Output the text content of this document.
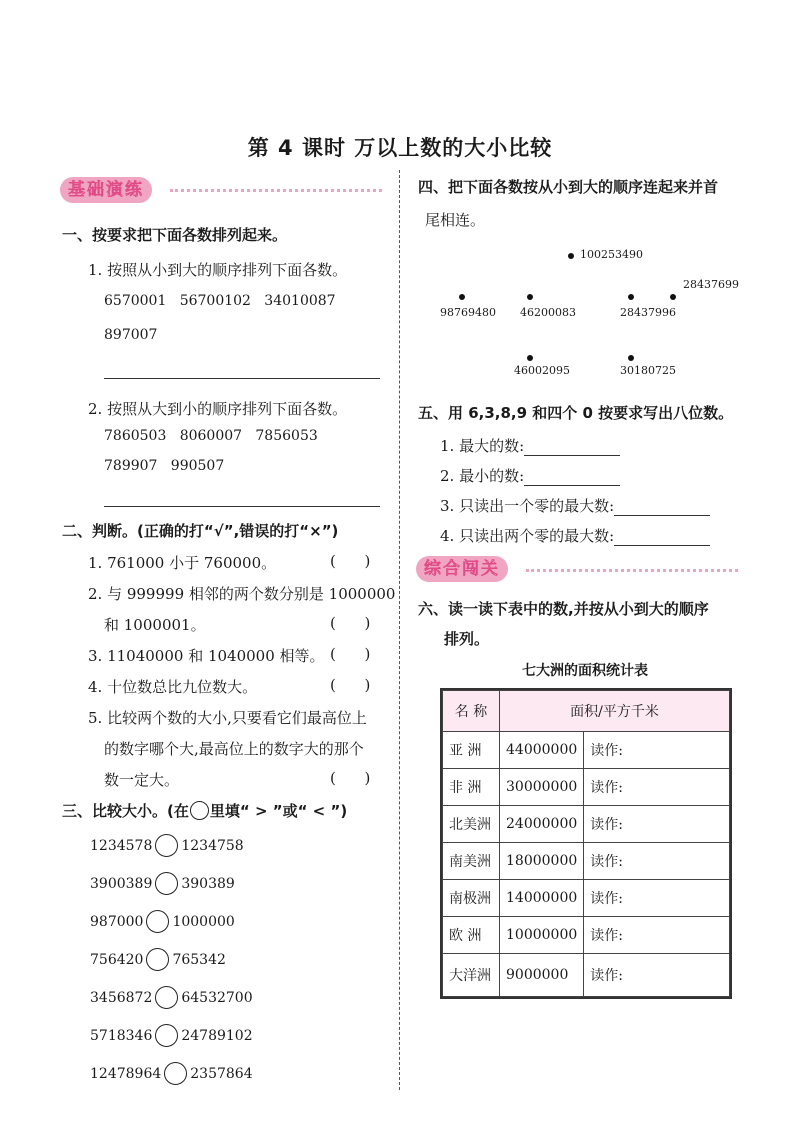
第 4 课时 万以上数的大小比较
基础演练
一、按要求把下面各数排列起来。
1. 按照从小到大的顺序排列下面各数。
6570001   56700102   34010087
897007
2. 按照从大到小的顺序排列下面各数。
7860503   8060007   7856053
789907   990507
二、判断。(正确的打“√”,错误的打“×”)
1. 761000 小于 760000。	(      )
2. 与 999999 相邻的两个数分别是 1000000
和 1000001。	(      )
3. 11040000 和 1040000 相等。 (      )
4. 十位数总比九位数大。	(      )
5. 比较两个数的大小,只要看它们最高位上
的数字哪个大,最高位上的数字大的那个
数一定大。	(      )
三、比较大小。(在 里填“ > ”或“ < ”)
1234578 1234758
3900389 390389
987000 1000000
756420 765342
3456872 64532700
5718346 24789102
12478964 2357864
四、把下面各数按从小到大的顺序连起来并首
尾相连。
100253490
28437699
98769480 46200083	28437996
46002095	30180725
五、用 6,3,8,9 和四个 0 按要求写出八位数。
1. 最大的数:
2. 最小的数:
3. 只读出一个零的最大数:
4. 只读出两个零的最大数:
综合闯关
六、读一读下表中的数,并按从小到大的顺序
排列。
七大洲的面积统计表
名 称	面积/平方千米	
亚 洲	44000000	读作:
非 洲	30000000	读作:
北美洲	24000000	读作:
南美洲	18000000	读作:
南极洲	14000000	读作:
欧 洲	10000000	读作:
大洋洲	9000000	读作:
